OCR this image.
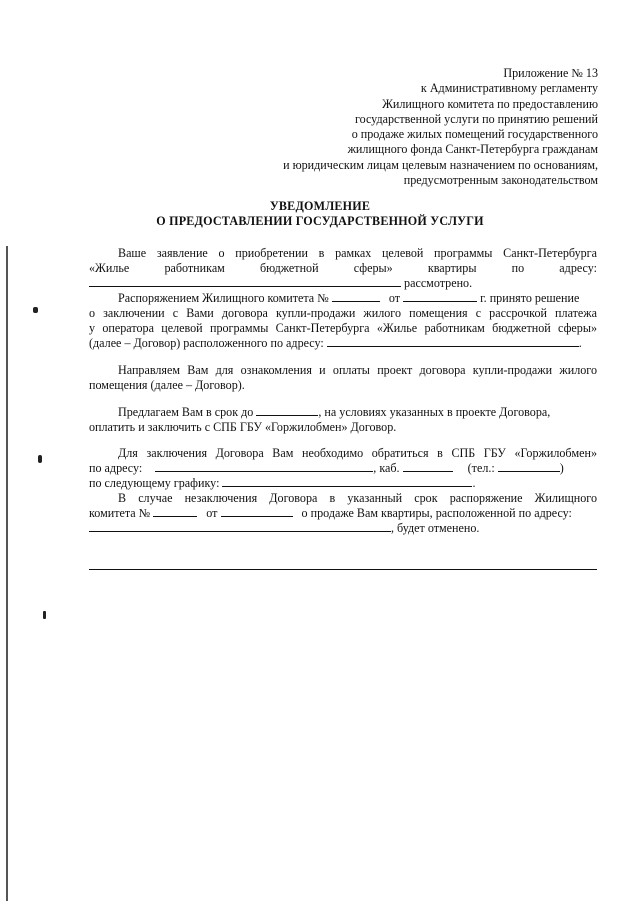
Приложение № 13
к Административному регламенту
Жилищного комитета по предоставлению
государственной услуги по принятию решений
о продаже жилых помещений государственного
жилищного фонда Санкт-Петербурга гражданам
и юридическим лицам целевым назначением по основаниям,
предусмотренным законодательством
УВЕДОМЛЕНИЕ
О ПРЕДОСТАВЛЕНИИ ГОСУДАРСТВЕННОЙ УСЛУГИ
Ваше заявление о приобретении в рамках целевой программы Санкт-Петербурга
«Жилье работникам бюджетной сферы» квартиры по адресу:
рассмотрено.
Распоряжением Жилищного комитета №	от	г. принято решение
о заключении с Вами договора купли-продажи жилого помещения с рассрочкой платежа
у оператора целевой программы Санкт-Петербурга «Жилье работникам бюджетной сферы»
(далее – Договор) расположенного по адресу:	.
Направляем Вам для ознакомления и оплаты проект договора купли-продажи жилого
помещения (далее – Договор).
Предлагаем Вам в срок до	, на условиях указанных в проекте Договора,
оплатить и заключить с СПБ ГБУ «Горжилобмен» Договор.
Для заключения Договора Вам необходимо обратиться в СПБ ГБУ «Горжилобмен»
по адресу:	, каб.	(тел.:	)
по следующему графику:	.
В случае незаключения Договора в указанный срок распоряжение Жилищного
комитета №	от	о продаже Вам квартиры, расположенной по адресу:
, будет отменено.
